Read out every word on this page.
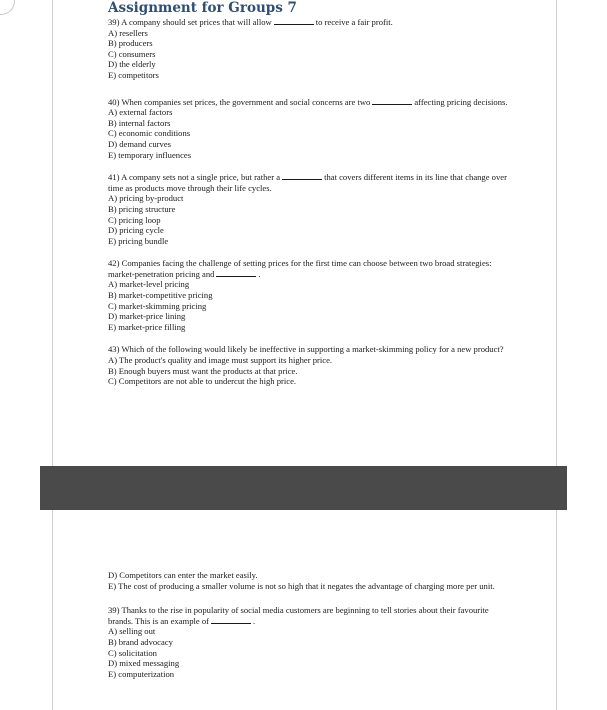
Assignment for Groups 7

39) A company should set prices that will allow	to receive a fair profit.

A) resellers

B) producers

C) consumers

D) the elderly

E) competitors

40) When companies set prices, the government and social concerns are two	affecting pricing decisions.

A) external factors

B) internal factors

C) economic conditions

D) demand curves

E) temporary influences

41) A company sets not a single price, but rather a	that covers different items in its line that change over time as products move through their life cycles.

A) pricing by-product

B) pricing structure

C) pricing loop

D) pricing cycle

E) pricing bundle

42) Companies facing the challenge of setting prices for the first time can choose between two broad strategies: market-penetration pricing and	.

A) market-level pricing

B) market-competitive pricing

C) market-skimming pricing

D) market-price lining

E) market-price filling

43) Which of the following would likely be ineffective in supporting a market-skimming policy for a new product?

A) The product's quality and image must support its higher price.

B) Enough buyers must want the products at that price.

C) Competitors are not able to undercut the high price.

D) Competitors can enter the market easily.

E) The cost of producing a smaller volume is not so high that it negates the advantage of charging more per unit.

39) Thanks to the rise in popularity of social media customers are beginning to tell stories about their favourite brands. This is an example of	.

A) selling out

B) brand advocacy

C) solicitation

D) mixed messaging

E) computerization
